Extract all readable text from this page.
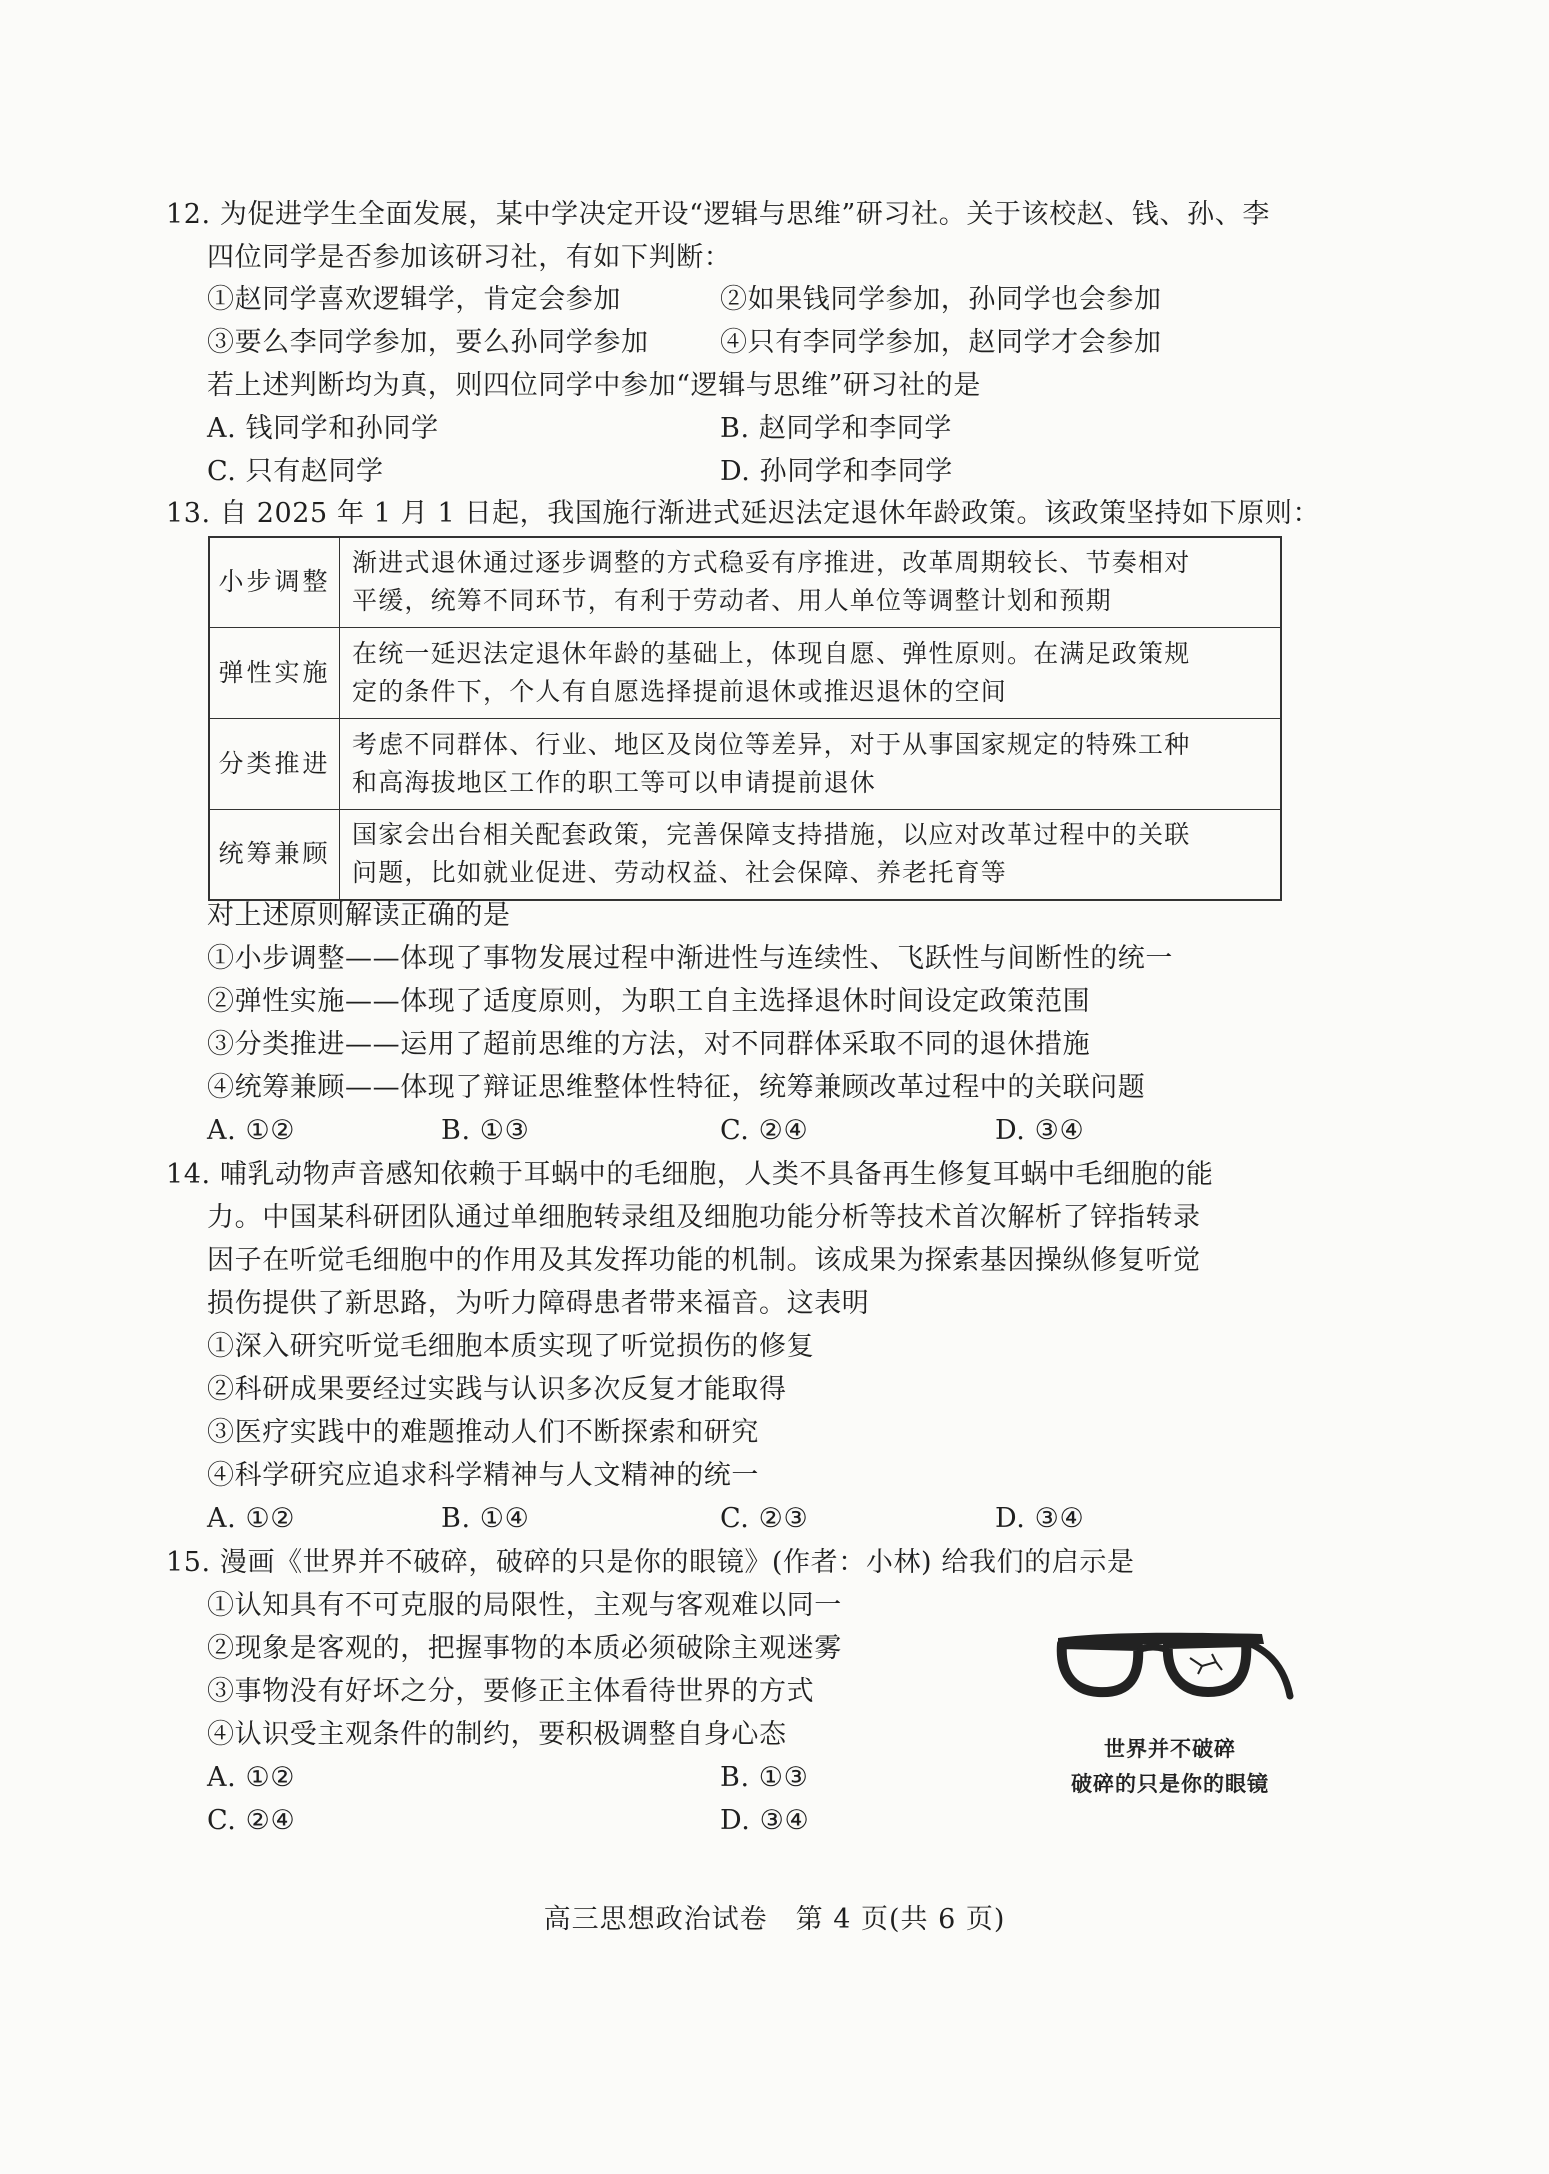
12. 为促进学生全面发展，某中学决定开设“逻辑与思维”研习社。关于该校赵、钱、孙、李
四位同学是否参加该研习社，有如下判断：
①赵同学喜欢逻辑学，肯定会参加	②如果钱同学参加，孙同学也会参加
③要么李同学参加，要么孙同学参加	④只有李同学参加，赵同学才会参加
若上述判断均为真，则四位同学中参加“逻辑与思维”研习社的是
A. 钱同学和孙同学	B. 赵同学和李同学
C. 只有赵同学	D. 孙同学和李同学
13. 自 2025 年 1 月 1 日起，我国施行渐进式延迟法定退休年龄政策。该政策坚持如下原则：
小步调整	渐进式退休通过逐步调整的方式稳妥有序推进，改革周期较长、节奏相对
平缓，统筹不同环节，有利于劳动者、用人单位等调整计划和预期

弹性实施	在统一延迟法定退休年龄的基础上，体现自愿、弹性原则。在满足政策规
定的条件下，个人有自愿选择提前退休或推迟退休的空间

分类推进	考虑不同群体、行业、地区及岗位等差异，对于从事国家规定的特殊工种
和高海拔地区工作的职工等可以申请提前退休

统筹兼顾	国家会出台相关配套政策，完善保障支持措施，以应对改革过程中的关联
问题，比如就业促进、劳动权益、社会保障、养老托育等
对上述原则解读正确的是
①小步调整——体现了事物发展过程中渐进性与连续性、飞跃性与间断性的统一
②弹性实施——体现了适度原则，为职工自主选择退休时间设定政策范围
③分类推进——运用了超前思维的方法，对不同群体采取不同的退休措施
④统筹兼顾——体现了辩证思维整体性特征，统筹兼顾改革过程中的关联问题
A. ①②	B. ①③	C. ②④	D. ③④
14. 哺乳动物声音感知依赖于耳蜗中的毛细胞，人类不具备再生修复耳蜗中毛细胞的能
力。中国某科研团队通过单细胞转录组及细胞功能分析等技术首次解析了锌指转录
因子在听觉毛细胞中的作用及其发挥功能的机制。该成果为探索基因操纵修复听觉
损伤提供了新思路，为听力障碍患者带来福音。这表明
①深入研究听觉毛细胞本质实现了听觉损伤的修复
②科研成果要经过实践与认识多次反复才能取得
③医疗实践中的难题推动人们不断探索和研究
④科学研究应追求科学精神与人文精神的统一
A. ①②	B. ①④	C. ②③	D. ③④
15. 漫画《世界并不破碎，破碎的只是你的眼镜》(作者：小林) 给我们的启示是
①认知具有不可克服的局限性，主观与客观难以同一
②现象是客观的，把握事物的本质必须破除主观迷雾
③事物没有好坏之分，要修正主体看待世界的方式
④认识受主观条件的制约，要积极调整自身心态
A. ①②	B. ①③
C. ②④	D. ③④
世界并不破碎
破碎的只是你的眼镜
高三思想政治试卷　第 4 页(共 6 页)
